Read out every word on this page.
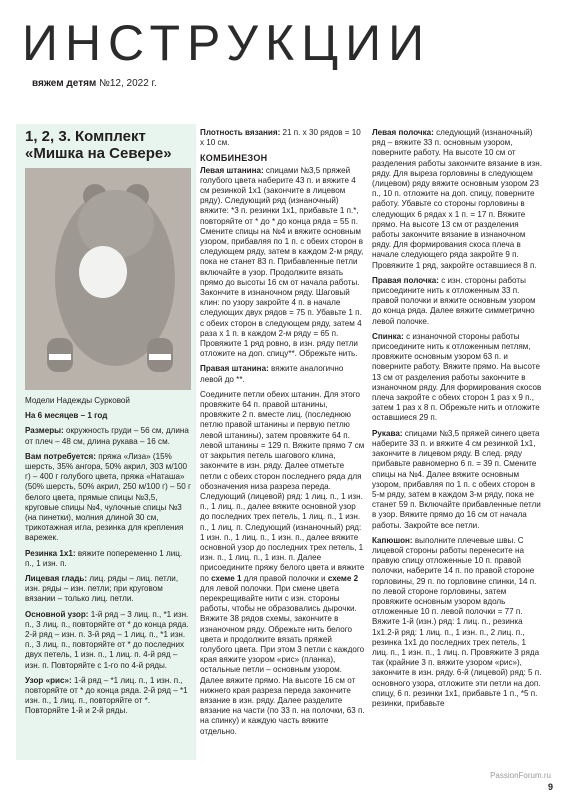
ИНСТРУКЦИИ
вяжем детям №12, 2022 г.
1, 2, 3. Комплект
«Мишка на Севере»

Модели Надежды Сурковой

На 6 месяцев – 1 год

Размеры: окружность груди – 56 см, длина от плеч – 48 см, длина рукава – 16 см.

Вам потребуется: пряжа «Лиза» (15% шерсть, 35% ангора, 50% акрил, 303 м/100 г) – 400 г голубого цвета, пряжа «Наташа» (50% шерсть, 50% акрил, 250 м/100 г) – 50 г белого цвета, прямые спицы №3,5, круговые спицы №4, чулочные спицы №3 (на пинетки), молния длиной 30 см, трикотажная игла, резинка для крепления варежек.

Резинка 1x1: вяжите попеременно 1 лиц. п., 1 изн. п.

Лицевая гладь: лиц. ряды – лиц. петли, изн. ряды – изн. петли; при круговом вязании – только лиц. петли.

Основной узор: 1-й ряд – 3 лиц. п., *1 изн. п., 3 лиц. п., повторяйте от * до конца ряда. 2-й ряд – изн. п. 3-й ряд – 1 лиц. п., *1 изн. п., 3 лиц. п., повторяйте от * до последних двух петель, 1 изн. п., 1 лиц. п. 4-й ряд – изн. п. Повторяйте с 1-го по 4-й ряды.

Узор «рис»: 1-й ряд – *1 лиц. п., 1 изн. п., повторяйте от * до конца ряда. 2-й ряд – *1 изн. п., 1 лиц. п., повторяйте от *. Повторяйте 1-й и 2-й ряды.

Плотность вязания: 21 п. x 30 рядов = 10 x 10 см.

КОМБИНЕЗОН

Левая штанина: спицами №3,5 пряжей голубого цвета наберите 43 п. и вяжите 4 см резинкой 1x1 (закончите в лицевом ряду). Следующий ряд (изнаночный) вяжите: *3 п. резинки 1x1, прибавьте 1 п.*, повторяйте от * до * до конца ряда = 55 п. Смените спицы на №4 и вяжите основным узором, прибавляя по 1 п. с обеих сторон в следующем ряду, затем в каждом 2-м ряду, пока не станет 83 п. Прибавленные петли включайте в узор. Продолжите вязать прямо до высоты 16 см от начала работы. Закончите в изнаночном ряду. Шаговый клин: по узору закройте 4 п. в начале следующих двух рядов = 75 п. Убавьте 1 п. с обеих сторон в следующем ряду, затем 4 раза x 1 п. в каждом 2-м ряду = 65 п. Провяжите 1 ряд ровно, в изн. ряду петли отложите на доп. спицу**. Обрежьте нить.

Правая штанина: вяжите аналогично левой до **.

Соедините петли обеих штанин. Для этого провяжите 64 п. правой штанины, провяжите 2 п. вместе лиц. (последнюю петлю правой штанины и первую петлю левой штанины), затем провяжите 64 п. левой штанины = 129 п. Вяжите прямо 7 см от закрытия петель шагового клина, закончите в изн. ряду. Далее отметьте петли с обеих сторон последнего ряда для обозначения низа разреза переда. Следующий (лицевой) ряд: 1 лиц. п., 1 изн. п., 1 лиц. п., далее вяжите основной узор до последних трех петель, 1 лиц. п., 1 изн. п., 1 лиц. п. Следующий (изнаночный) ряд: 1 изн. п., 1 лиц. п., 1 изн. п., далее вяжите основной узор до последних трех петель, 1 изн. п., 1 лиц. п., 1 изн. п. Далее присоедините пряжу белого цвета и вяжите по схеме 1 для правой полочки и схеме 2 для левой полочки. При смене цвета перекрещивайте нити с изн. стороны работы, чтобы не образовались дырочки. Вяжите 38 рядов схемы, закончите в изнаночном ряду. Обрежьте нить белого цвета и продолжите вязать пряжей голубого цвета. При этом 3 петли с каждого края вяжите узором «рис» (планка), остальные петли – основным узором. Далее вяжите прямо. На высоте 16 см от нижнего края разреза переда закончите вязание в изн. ряду. Далее разделите вязание на части (по 33 п. на полочки, 63 п. на спинку) и каждую часть вяжите отдельно.

Левая полочка: следующий (изнаночный) ряд – вяжите 33 п. основным узором, поверните работу. На высоте 10 см от разделения работы закончите вязание в изн. ряду. Для выреза горловины в следующем (лицевом) ряду вяжите основным узором 23 п., 10 п. отложите на доп. спицу, поверните работу. Убавьте со стороны горловины в следующих 6 рядах x 1 п. = 17 п. Вяжите прямо. На высоте 13 см от разделения работы закончите вязание в изнаночном ряду. Для формирования скоса плеча в начале следующего ряда закройте 9 п. Провяжите 1 ряд, закройте оставшиеся 8 п.

Правая полочка: с изн. стороны работы присоедините нить к отложенным 33 п. правой полочки и вяжите основным узором до конца ряда. Далее вяжите симметрично левой полочке.

Спинка: с изнаночной стороны работы присоедините нить к отложенным петлям, провяжите основным узором 63 п. и поверните работу. Вяжите прямо. На высоте 13 см от разделения работы закончите в изнаночном ряду. Для формирования скосов плеча закройте с обеих сторон 1 раз x 9 п., затем 1 раз x 8 п. Обрежьте нить и отложите оставшиеся 29 п.

Рукава: спицами №3,5 пряжей синего цвета наберите 33 п. и вяжите 4 см резинкой 1x1, закончите в лицевом ряду. В след. ряду прибавьте равномерно 6 п. = 39 п. Смените спицы на №4. Далее вяжите основным узором, прибавляя по 1 п. с обеих сторон в 5-м ряду, затем в каждом 3-м ряду, пока не станет 59 п. Включайте прибавленные петли в узор. Вяжите прямо до 16 см от начала работы. Закройте все петли.

Капюшон: выполните плечевые швы. С лицевой стороны работы перенесите на правую спицу отложенные 10 п. правой полочки, наберите 14 п. по правой стороне горловины, 29 п. по горловине спинки, 14 п. по левой стороне горловины, затем провяжите основным узором вдоль отложенные 10 п. левой полочки = 77 п. Вяжите 1-й (изн.) ряд: 1 лиц. п., резинка 1x1.2-й ряд: 1 лиц. п., 1 изн. п., 2 лиц. п., резинка 1x1 до последних трех петель, 1 лиц. п., 1 изн. п., 1 лиц. п. Провяжите 3 ряда так (крайние 3 п. вяжите узором «рис»), закончите в изн. ряду. 6-й (лицевой) ряд: 5 п. основного узора, отложите эти петли на доп. спицу, 6 п. резинки 1x1, прибавьте 1 п., *5 п. резинки, прибавьте

PassionForum.ru
9
